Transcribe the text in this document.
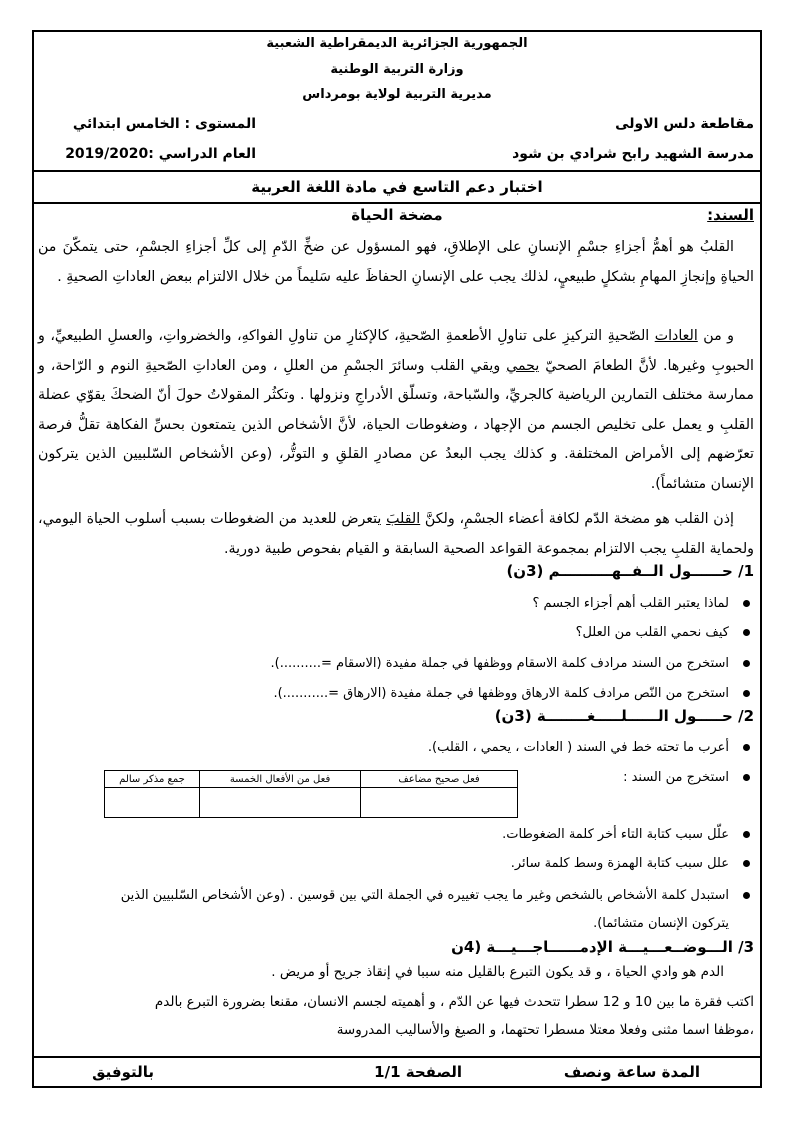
الجمهورية الجزائرية الديمقراطية الشعبية
وزارة التربية الوطنية
مديرية التربية لولاية بومرداس
مقاطعة دلس الاولى
المستوى : الخامس ابتدائي
مدرسة الشهيد رابح شرادي بن شود
العام الدراسي :2019/2020
اختبار دعم التاسع في مادة اللغة العربية
السند:
مضخة الحياة
القلبُ هو أهمُّ أجزاءِ جسْمِ الإنسانِ على الإطلاقِ، فهو المسؤول عن ضخِّ الدّمِ إلى كلِّ أجزاءِ الجسْمِ، حتى يتمكّنَ من الحياةِ وإنجازِ المهامِ بشكلٍ طبيعيٍ، لذلك يجب على الإنسانِ الحفاظَ عليه سَليماً من خلال الالتزام ببعض العاداتِ الصحيةِ .
و من العادات الصّحيةِ التركيزِ على تناولِ الأطعمةِ الصّحيةِ، كالإكثارِ من تناولِ الفواكهِ، والخضرواتِ، والعسلِ الطبيعيِّ، و الحبوبِ وغيرها. لأنَّ الطعامَ الصحيّ يحمي ويقي القلب وسائرَ الجسْمِ من العللِ ، ومن العاداتِ الصّحيةِ النوم و الرّاحة، و ممارسة مختلف التمارين الرياضية كالجريِّ، والسّباحة، وتسلّق الأدراجِ ونزولها . وتكثُر المقولاتُ حولَ أنّ الضحكَ يقوّي عضلة القلبِ و يعمل على تخليص الجسم من الإجهاد ، وضغوطات الحياة، لأنَّ الأشخاص الذين يتمتعون بحسِّ الفكاهة تقلُّ فرصة تعرّضهم إلى الأمراض المختلفة. و كذلك يجب البعدُ عن مصادرِ القلقِ و التوتُّر، (وعن الأشخاص السّلبيين الذين يتركون الإنسان متشائماً).
إذن القلب هو مضخة الدّم لكافة أعضاء الجسْمِ، ولكنَّ القلبَ يتعرض للعديد من الضغوطات بسبب أسلوب الحياة اليومي، ولحماية القلبِ يجب الالتزام بمجموعة القواعد الصحية السابقة و القيام بفحوص طبية دورية.
1/ حــــــول الــفــهــــــــــم (3ن)
لماذا يعتبر القلب أهم أجزاء الجسم ؟
كيف نحمي القلب من العلل؟
استخرج من السند مرادف كلمة الاسقام ووظفها في جملة مفيدة (الاسقام =..........).
استخرج من النّص مرادف كلمة الارهاق ووظفها في جملة مفيدة (الارهاق =...........).
2/ حـــــول الــــــلـــــغــــــــة (3ن)
أعرب ما تحته خط في السند ( العادات ، يحمي ، القلب).
استخرج من السند :
فعل صحيح مضاعف	فعل من الأفعال الخمسة	جمع مذكر سالم

علّل سبب كتابة التاء أخر كلمة الضغوطات.
علل سبب كتابة الهمزة وسط كلمة سائر.
استبدل كلمة الأشخاص بالشخص وغير ما يجب تغييره في الجملة التي بين قوسين . (وعن الأشخاص السّلبيين الذين
يتركون الإنسان متشائما).
3/ الـــوضــعـــيـــة الإدمــــــاجـــيـــة (4ن
الدم هو وادي الحياة ، و قد يكون التبرع بالقليل منه سببا في إنقاذ جريح أو مريض .
اكتب فقرة ما بين 10 و 12 سطرا تتحدث فيها عن الدّم ، و أهميته لجسم الانسان، مقنعا بضرورة التبرع بالدم
،موظفا اسما مثنى وفعلا معتلا مسطرا تحتهما، و الصيغ والأساليب المدروسة
المدة ساعة ونصف
الصفحة 1/1
بالتوفيق
